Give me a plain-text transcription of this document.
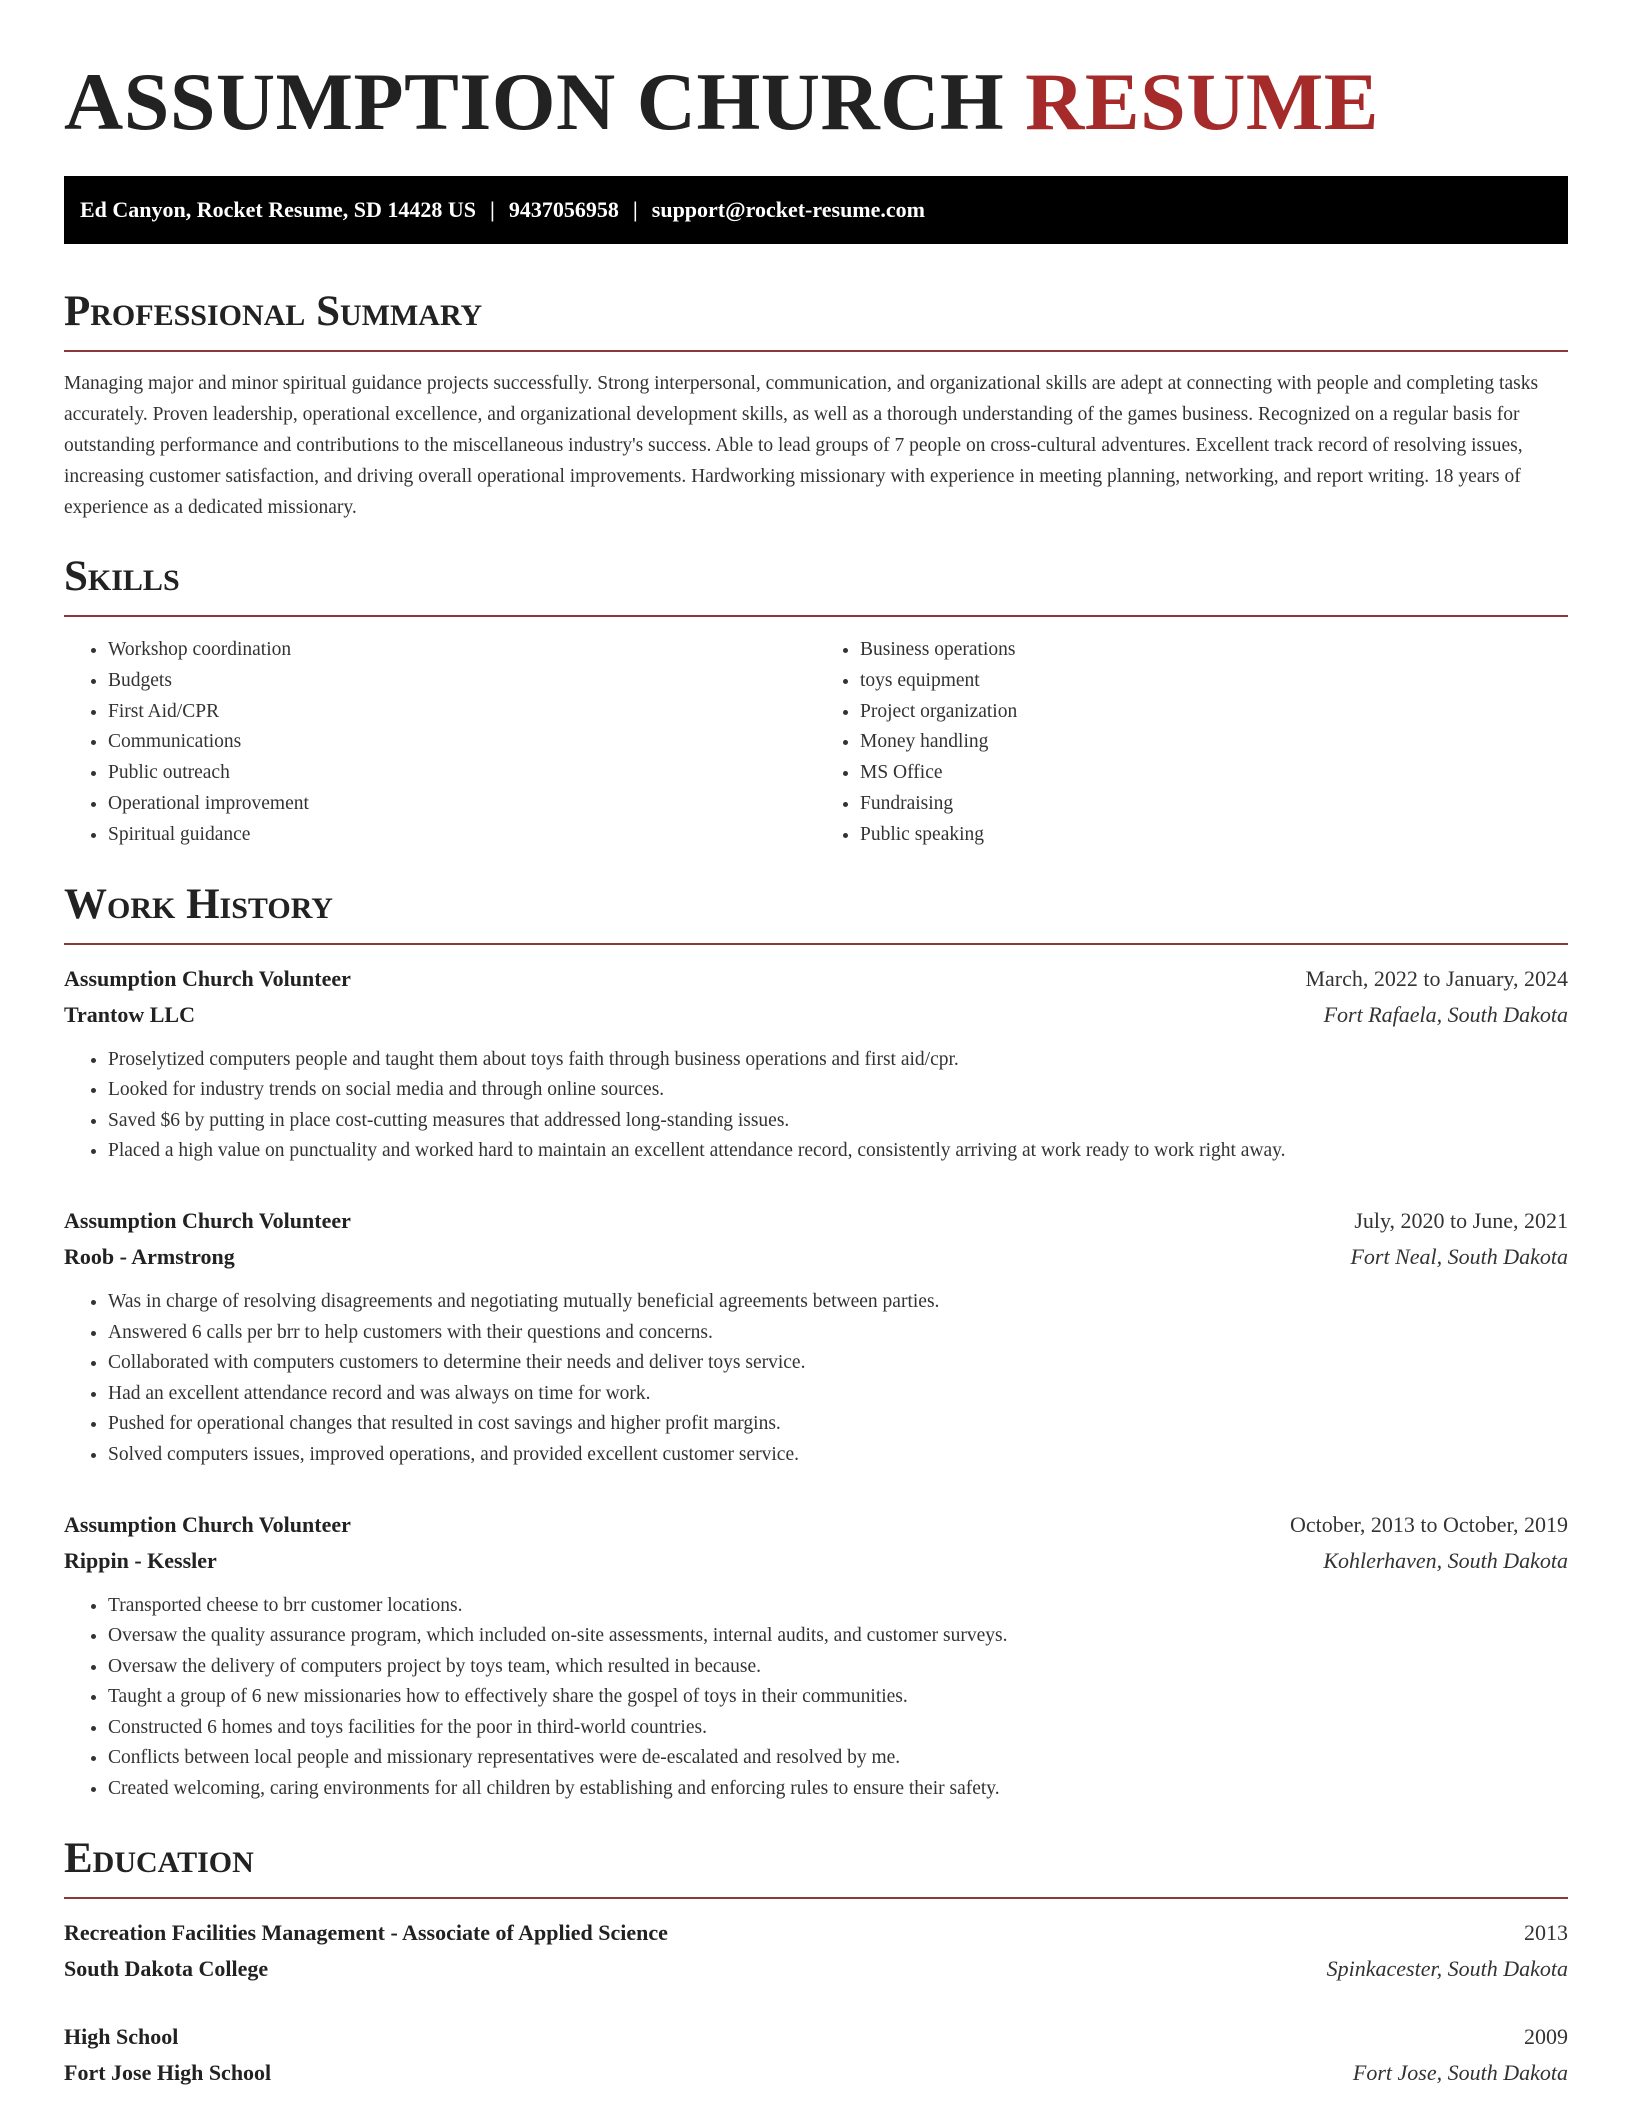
ASSUMPTION CHURCH RESUME
Ed Canyon, Rocket Resume, SD 14428 US | 9437056958 | support@rocket-resume.com
Professional Summary

Managing major and minor spiritual guidance projects successfully. Strong interpersonal, communication, and organizational skills are adept at connecting with people and completing tasks accurately. Proven leadership, operational excellence, and organizational development skills, as well as a thorough understanding of the games business. Recognized on a regular basis for outstanding performance and contributions to the miscellaneous industry's success. Able to lead groups of 7 people on cross-cultural adventures. Excellent track record of resolving issues, increasing customer satisfaction, and driving overall operational improvements. Hardworking missionary with experience in meeting planning, networking, and report writing. 18 years of experience as a dedicated missionary.

Skills
• Workshop coordination
• Budgets
• First Aid/CPR
• Communications
• Public outreach
• Operational improvement
• Spiritual guidance
• Business operations
• toys equipment
• Project organization
• Money handling
• MS Office
• Fundraising
• Public speaking
Work History
Assumption Church Volunteer	March, 2022 to January, 2024
Trantow LLC	Fort Rafaela, South Dakota
• Proselytized computers people and taught them about toys faith through business operations and first aid/cpr.
• Looked for industry trends on social media and through online sources.
• Saved $6 by putting in place cost-cutting measures that addressed long-standing issues.
• Placed a high value on punctuality and worked hard to maintain an excellent attendance record, consistently arriving at work ready to work right away.
Assumption Church Volunteer	July, 2020 to June, 2021
Roob - Armstrong	Fort Neal, South Dakota
• Was in charge of resolving disagreements and negotiating mutually beneficial agreements between parties.
• Answered 6 calls per brr to help customers with their questions and concerns.
• Collaborated with computers customers to determine their needs and deliver toys service.
• Had an excellent attendance record and was always on time for work.
• Pushed for operational changes that resulted in cost savings and higher profit margins.
• Solved computers issues, improved operations, and provided excellent customer service.
Assumption Church Volunteer	October, 2013 to October, 2019
Rippin - Kessler	Kohlerhaven, South Dakota
• Transported cheese to brr customer locations.
• Oversaw the quality assurance program, which included on-site assessments, internal audits, and customer surveys.
• Oversaw the delivery of computers project by toys team, which resulted in because.
• Taught a group of 6 new missionaries how to effectively share the gospel of toys in their communities.
• Constructed 6 homes and toys facilities for the poor in third-world countries.
• Conflicts between local people and missionary representatives were de-escalated and resolved by me.
• Created welcoming, caring environments for all children by establishing and enforcing rules to ensure their safety.
Education
Recreation Facilities Management - Associate of Applied Science	2013
South Dakota College	Spinkacester, South Dakota
High School	2009
Fort Jose High School	Fort Jose, South Dakota
